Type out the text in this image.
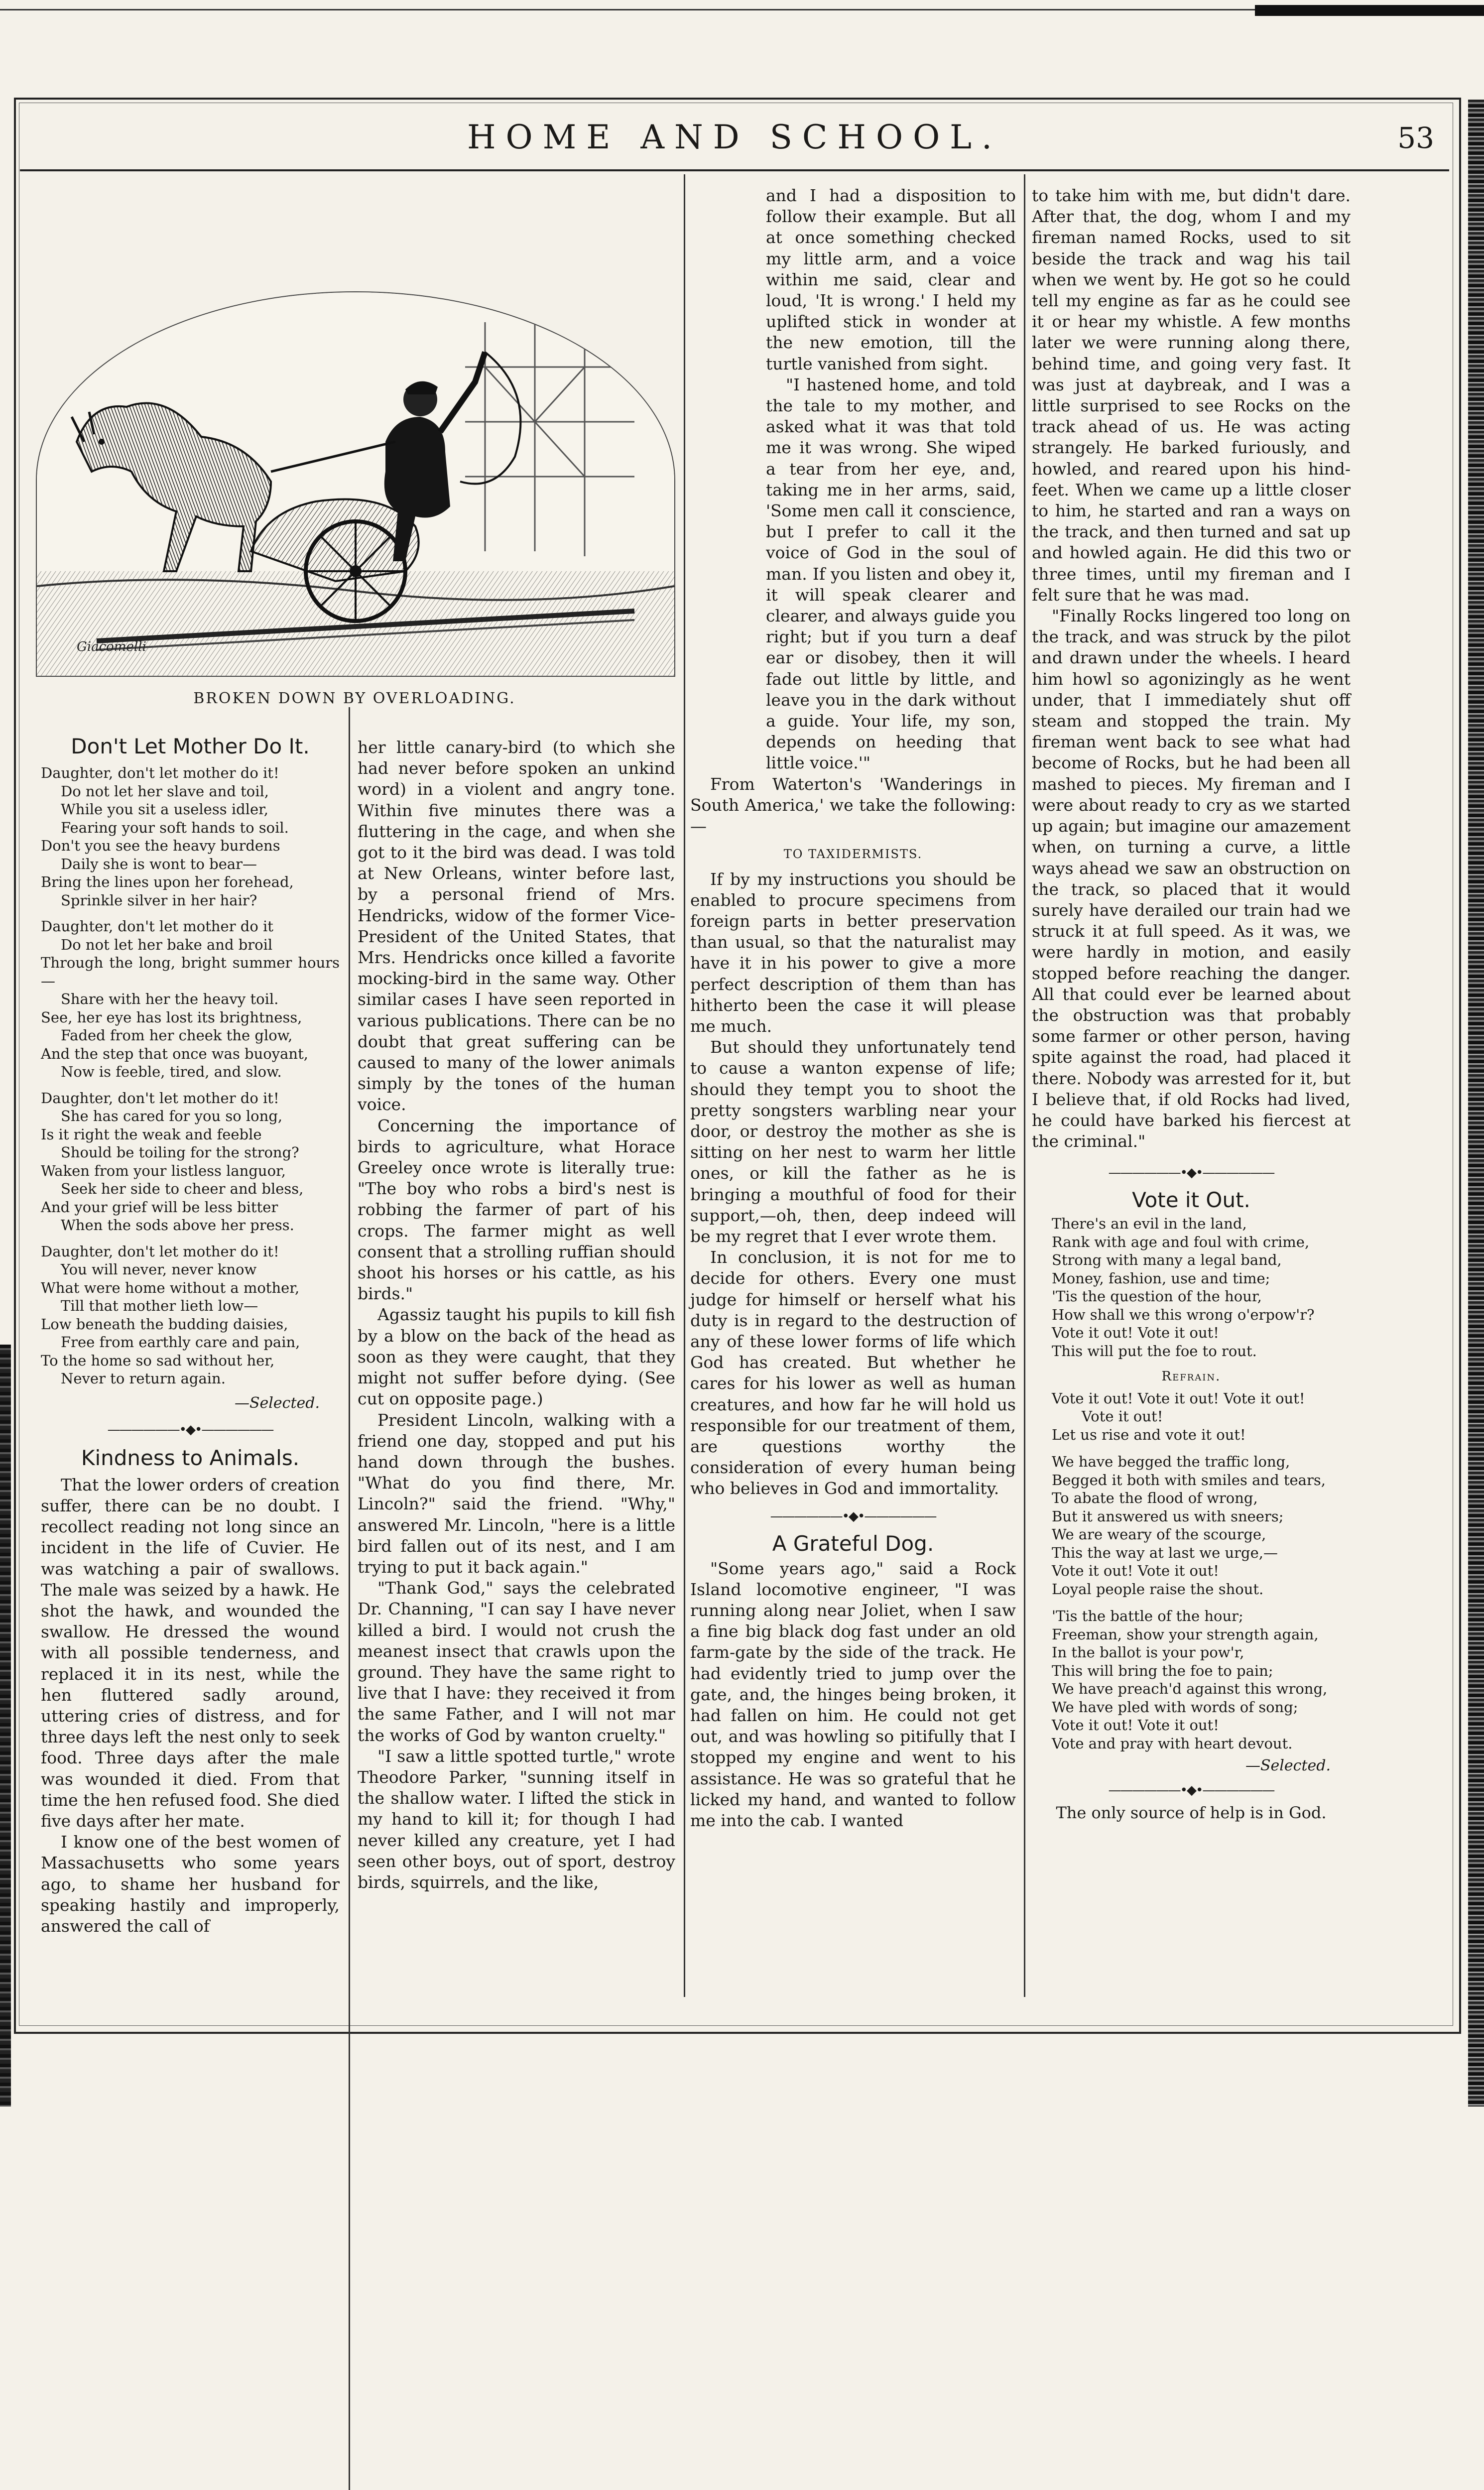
HOME AND SCHOOL.	53
Giacomelli
BROKEN DOWN BY OVERLOADING.
Don't Let Mother Do It.
Daughter, don't let mother do it!
Do not let her slave and toil,
While you sit a useless idler,
Fearing your soft hands to soil.
Don't you see the heavy burdens
Daily she is wont to bear—
Bring the lines upon her forehead,
Sprinkle silver in her hair?
Daughter, don't let mother do it
Do not let her bake and broil
Through the long, bright summer hours—
Share with her the heavy toil.
See, her eye has lost its brightness,
Faded from her cheek the glow,
And the step that once was buoyant,
Now is feeble, tired, and slow.
Daughter, don't let mother do it!
She has cared for you so long,
Is it right the weak and feeble
Should be toiling for the strong?
Waken from your listless languor,
Seek her side to cheer and bless,
And your grief will be less bitter
When the sods above her press.
Daughter, don't let mother do it!
You will never, never know
What were home without a mother,
Till that mother lieth low—
Low beneath the budding daisies,
Free from earthly care and pain,
To the home so sad without her,
Never to return again.
—Selected.
——————•◆•——————
Kindness to Animals.

That the lower orders of creation suffer, there can be no doubt. I recollect reading not long since an incident in the life of Cuvier. He was watching a pair of swallows. The male was seized by a hawk. He shot the hawk, and wounded the swallow. He dressed the wound with all possible tenderness, and replaced it in its nest, while the hen fluttered sadly around, uttering cries of distress, and for three days left the nest only to seek food. Three days after the male was wounded it died. From that time the hen refused food. She died five days after her mate.

I know one of the best women of Massachusetts who some years ago, to shame her husband for speaking hastily and improperly, answered the call of

her little canary-bird (to which she had never before spoken an unkind word) in a violent and angry tone. Within five minutes there was a fluttering in the cage, and when she got to it the bird was dead. I was told at New Orleans, winter before last, by a personal friend of Mrs. Hendricks, widow of the former Vice-President of the United States, that Mrs. Hendricks once killed a favorite mocking-bird in the same way. Other similar cases I have seen reported in various publications. There can be no doubt that great suffering can be caused to many of the lower animals simply by the tones of the human voice.

Concerning the importance of birds to agriculture, what Horace Greeley once wrote is literally true: "The boy who robs a bird's nest is robbing the farmer of part of his crops. The farmer might as well consent that a strolling ruffian should shoot his horses or his cattle, as his birds."

Agassiz taught his pupils to kill fish by a blow on the back of the head as soon as they were caught, that they might not suffer before dying. (See cut on opposite page.)

President Lincoln, walking with a friend one day, stopped and put his hand down through the bushes. "What do you find there, Mr. Lincoln?" said the friend. "Why," answered Mr. Lincoln, "here is a little bird fallen out of its nest, and I am trying to put it back again."

"Thank God," says the celebrated Dr. Channing, "I can say I have never killed a bird. I would not crush the meanest insect that crawls upon the ground. They have the same right to live that I have: they received it from the same Father, and I will not mar the works of God by wanton cruelty."

"I saw a little spotted turtle," wrote Theodore Parker, "sunning itself in the shallow water. I lifted the stick in my hand to kill it; for though I had never killed any creature, yet I had seen other boys, out of sport, destroy birds, squirrels, and the like,

and I had a disposition to follow their example. But all at once something checked my little arm, and a voice within me said, clear and loud, 'It is wrong.' I held my uplifted stick in wonder at the new emotion, till the turtle vanished from sight.

"I hastened home, and told the tale to my mother, and asked what it was that told me it was wrong. She wiped a tear from her eye, and, taking me in her arms, said, 'Some men call it conscience, but I prefer to call it the voice of God in the soul of man. If you listen and obey it, it will speak clearer and clearer, and always guide you right; but if you turn a deaf ear or disobey, then it will fade out little by little, and leave you in the dark without a guide. Your life, my son, depends on heeding that little voice.'"

From Waterton's 'Wanderings in South America,' we take the following:—

TO TAXIDERMISTS.

If by my instructions you should be enabled to procure specimens from foreign parts in better preservation than usual, so that the naturalist may have it in his power to give a more perfect description of them than has hitherto been the case it will please me much.

But should they unfortunately tend to cause a wanton expense of life; should they tempt you to shoot the pretty songsters warbling near your door, or destroy the mother as she is sitting on her nest to warm her little ones, or kill the father as he is bringing a mouthful of food for their support,—oh, then, deep indeed will be my regret that I ever wrote them.

In conclusion, it is not for me to decide for others. Every one must judge for himself or herself what his duty is in regard to the destruction of any of these lower forms of life which God has created. But whether he cares for his lower as well as human creatures, and how far he will hold us responsible for our treatment of them, are questions worthy the consideration of every human being who believes in God and immortality.

——————•◆•——————
A Grateful Dog.

"Some years ago," said a Rock Island locomotive engineer, "I was running along near Joliet, when I saw a fine big black dog fast under an old farm-gate by the side of the track. He had evidently tried to jump over the gate, and, the hinges being broken, it had fallen on him. He could not get out, and was howling so pitifully that I stopped my engine and went to his assistance. He was so grateful that he licked my hand, and wanted to follow me into the cab. I wanted

to take him with me, but didn't dare. After that, the dog, whom I and my fireman named Rocks, used to sit beside the track and wag his tail when we went by. He got so he could tell my engine as far as he could see it or hear my whistle. A few months later we were running along there, behind time, and going very fast. It was just at daybreak, and I was a little surprised to see Rocks on the track ahead of us. He was acting strangely. He barked furiously, and howled, and reared upon his hind-feet. When we came up a little closer to him, he started and ran a ways on the track, and then turned and sat up and howled again. He did this two or three times, until my fireman and I felt sure that he was mad.

"Finally Rocks lingered too long on the track, and was struck by the pilot and drawn under the wheels. I heard him howl so agonizingly as he went under, that I immediately shut off steam and stopped the train. My fireman went back to see what had become of Rocks, but he had been all mashed to pieces. My fireman and I were about ready to cry as we started up again; but imagine our amazement when, on turning a curve, a little ways ahead we saw an obstruction on the track, so placed that it would surely have derailed our train had we struck it at full speed. As it was, we were hardly in motion, and easily stopped before reaching the danger. All that could ever be learned about the obstruction was that probably some farmer or other person, having spite against the road, had placed it there. Nobody was arrested for it, but I believe that, if old Rocks had lived, he could have barked his fiercest at the criminal."

——————•◆•——————
Vote it Out.
There's an evil in the land,
Rank with age and foul with crime,
Strong with many a legal band,
Money, fashion, use and time;
'Tis the question of the hour,
How shall we this wrong o'erpow'r?
Vote it out! Vote it out!
This will put the foe to rout.
Refrain.
Vote it out! Vote it out! Vote it out!
Vote it out!
Let us rise and vote it out!
We have begged the traffic long,
Begged it both with smiles and tears,
To abate the flood of wrong,
But it answered us with sneers;
We are weary of the scourge,
This the way at last we urge,—
Vote it out! Vote it out!
Loyal people raise the shout.
'Tis the battle of the hour;
Freeman, show your strength again,
In the ballot is your pow'r,
This will bring the foe to pain;
We have preach'd against this wrong,
We have pled with words of song;
Vote it out! Vote it out!
Vote and pray with heart devout.
—Selected.
——————•◆•——————
The only source of help is in God.
